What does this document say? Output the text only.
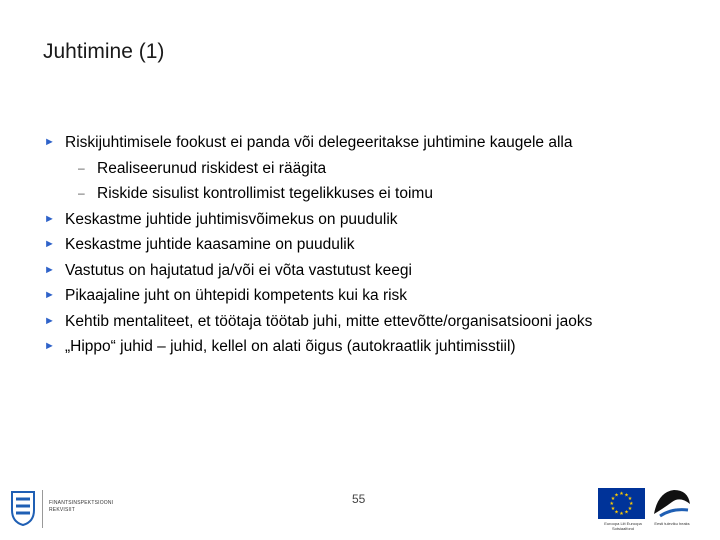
Juhtimine (1)
► Riskijuhtimisele fookust ei panda või delegeeritakse juhtimine kaugele alla
– Realiseerunud riskidest ei räägita
– Riskide sisulist kontrollimist tegelikkuses ei toimu
► Keskastme juhtide juhtimisvõimekus on puudulik
► Keskastme juhtide kaasamine on puudulik
► Vastutus on hajutatud ja/või ei võta vastutust keegi
► Pikaajaline juht on ühtepidi kompetents kui ka risk
► Kehtib mentaliteet, et töötaja töötab juhi, mitte ettevõtte/organisatsiooni jaoks
► „Hippo“ juhid – juhid, kellel on alati õigus (autokraatlik juhtimisstiil)
55
FINANTSINSPEKTSIOONI
REKVISIIT
★ ★
★
★
★
★
★
★
★
★
★
★
Euroopa Liit Euroopa Sotsiaalfond
Eesti tuleviku heaks
